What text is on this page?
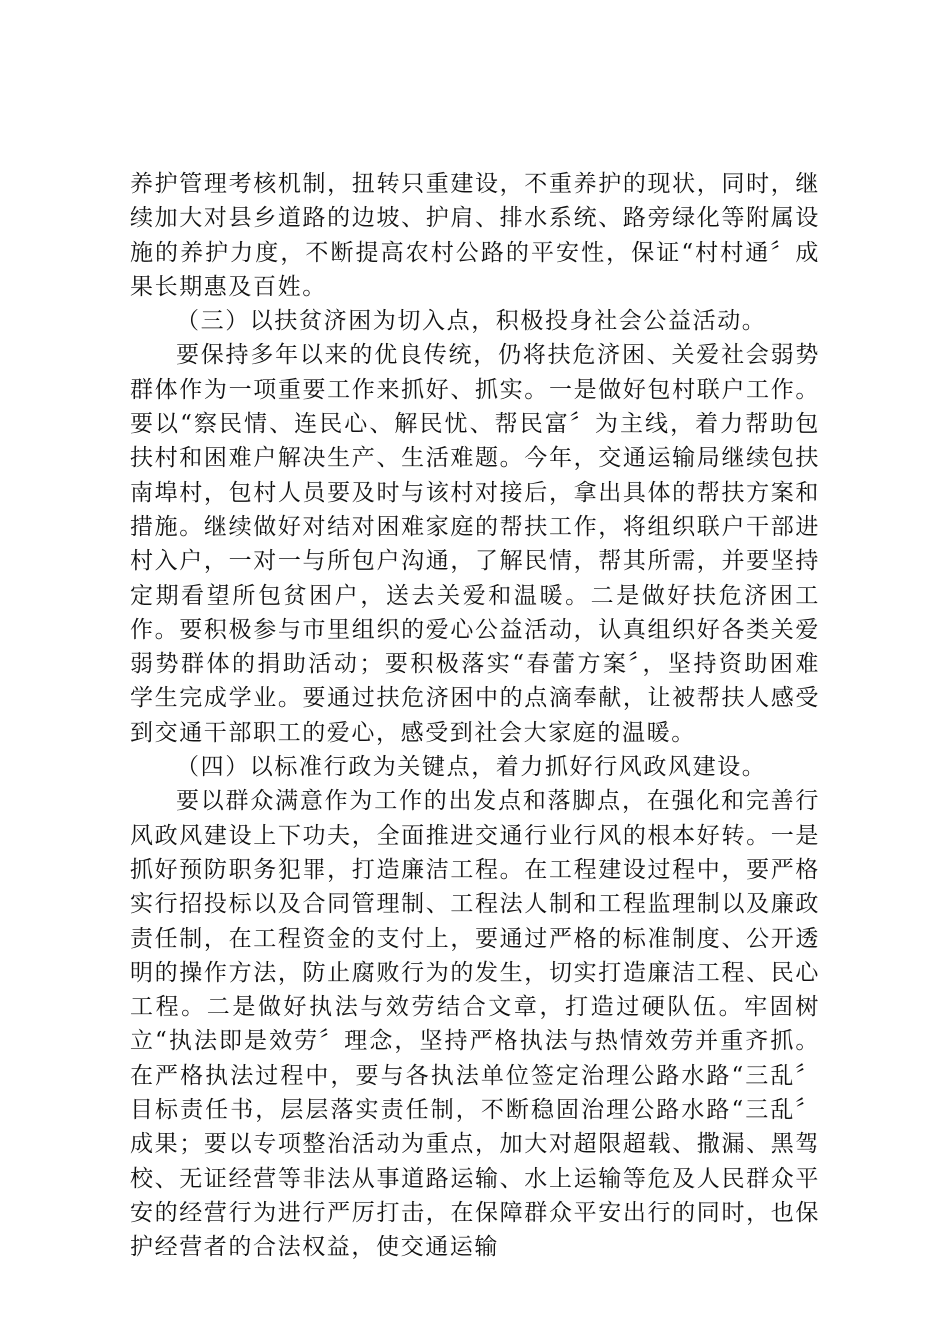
养护管理考核机制，扭转只重建设，不重养护的现状，同时，继续加大对县乡道路的边坡、护肩、排水系统、路旁绿化等附属设施的养护力度，不断提高农村公路的平安性，保证“村村通〞成果长期惠及百姓。

（三）以扶贫济困为切入点，积极投身社会公益活动。

要保持多年以来的优良传统，仍将扶危济困、关爱社会弱势群体作为一项重要工作来抓好、抓实。一是做好包村联户工作。要以“察民情、连民心、解民忧、帮民富〞为主线，着力帮助包扶村和困难户解决生产、生活难题。今年，交通运输局继续包扶南埠村，包村人员要及时与该村对接后，拿出具体的帮扶方案和措施。继续做好对结对困难家庭的帮扶工作，将组织联户干部进村入户，一对一与所包户沟通，了解民情，帮其所需，并要坚持定期看望所包贫困户，送去关爱和温暖。二是做好扶危济困工作。要积极参与市里组织的爱心公益活动，认真组织好各类关爱弱势群体的捐助活动；要积极落实“春蕾方案〞，坚持资助困难学生完成学业。要通过扶危济困中的点滴奉献，让被帮扶人感受到交通干部职工的爱心，感受到社会大家庭的温暖。

（四）以标准行政为关键点，着力抓好行风政风建设。

要以群众满意作为工作的出发点和落脚点，在强化和完善行风政风建设上下功夫，全面推进交通行业行风的根本好转。一是抓好预防职务犯罪，打造廉洁工程。在工程建设过程中，要严格实行招投标以及合同管理制、工程法人制和工程监理制以及廉政责任制，在工程资金的支付上，要通过严格的标准制度、公开透明的操作方法，防止腐败行为的发生，切实打造廉洁工程、民心工程。二是做好执法与效劳结合文章，打造过硬队伍。牢固树立“执法即是效劳〞理念，坚持严格执法与热情效劳并重齐抓。在严格执法过程中，要与各执法单位签定治理公路水路“三乱〞目标责任书，层层落实责任制，不断稳固治理公路水路“三乱〞成果；要以专项整治活动为重点，加大对超限超载、撒漏、黑驾校、无证经营等非法从事道路运输、水上运输等危及人民群众平安的经营行为进行严厉打击，在保障群众平安出行的同时，也保护经营者的合法权益，使交通运输
